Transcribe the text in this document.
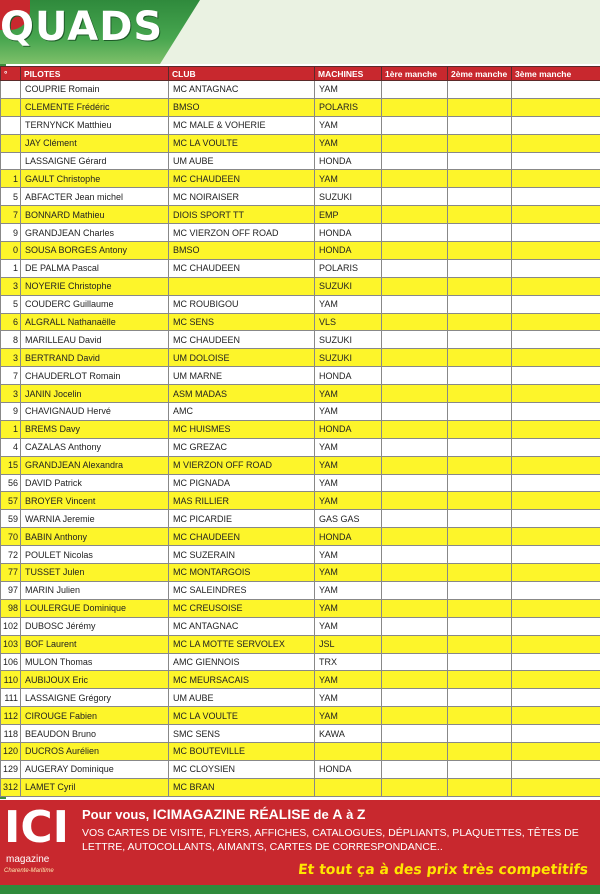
QUADS
°	PILOTES	CLUB	MACHINES	1ère manche	2ème manche	3ème manche
	COUPRIE Romain	MC ANTAGNAC	YAM			
	CLEMENTE Frédéric	BMSO	POLARIS			
	TERNYNCK Matthieu	MC MALE & VOHERIE	YAM			
	JAY Clément	MC LA VOULTE	YAM			
	LASSAIGNE Gérard	UM AUBE	HONDA			
1	GAULT Christophe	MC CHAUDEEN	YAM			
5	ABFACTER Jean michel	MC NOIRAISER	SUZUKI			
7	BONNARD Mathieu	DIOIS SPORT TT	EMP			
9	GRANDJEAN Charles	MC VIERZON OFF ROAD	HONDA			
0	SOUSA BORGES Antony	BMSO	HONDA			
1	DE PALMA Pascal	MC CHAUDEEN	POLARIS			
3	NOYERIE Christophe		SUZUKI			
5	COUDERC Guillaume	MC ROUBIGOU	YAM			
6	ALGRALL Nathanaëlle	MC SENS	VLS			
8	MARILLEAU David	MC CHAUDEEN	SUZUKI			
3	BERTRAND David	UM DOLOISE	SUZUKI			
7	CHAUDERLOT Romain	UM MARNE	HONDA			
3	JANIN Jocelin	ASM MADAS	YAM			
9	CHAVIGNAUD Hervé	AMC	YAM			
1	BREMS Davy	MC HUISMES	HONDA			
4	CAZALAS Anthony	MC GREZAC	YAM			
15	GRANDJEAN Alexandra	M VIERZON OFF ROAD	YAM			
56	DAVID Patrick	MC PIGNADA	YAM			
57	BROYER Vincent	MAS RILLIER	YAM			
59	WARNIA Jeremie	MC PICARDIE	GAS GAS			
70	BABIN Anthony	MC CHAUDEEN	HONDA			
72	POULET Nicolas	MC SUZERAIN	YAM			
77	TUSSET Julen	MC MONTARGOIS	YAM			
97	MARIN Julien	MC SALEINDRES	YAM			
98	LOULERGUE Dominique	MC CREUSOISE	YAM			
102	DUBOSC Jérémy	MC ANTAGNAC	YAM			
103	BOF Laurent	MC LA MOTTE SERVOLEX	JSL			
106	MULON Thomas	AMC GIENNOIS	TRX			
110	AUBIJOUX Eric	MC MEURSACAIS	YAM			
111	LASSAIGNE Grégory	UM AUBE	YAM			
112	CIROUGE Fabien	MC LA VOULTE	YAM			
118	BEAUDON Bruno	SMC SENS	KAWA			
120	DUCROS Aurélien	MC BOUTEVILLE				
129	AUGERAY Dominique	MC CLOYSIEN	HONDA			
312	LAMET Cyril	MC BRAN				
ICI
magazine
Charente-Maritime
Pour vous, ICIMAGAZINE RÉALISE de A à Z
VOS CARTES DE VISITE, FLYERS, AFFICHES, CATALOGUES, DÉPLIANTS, PLAQUETTES, TÊTES DE LETTRE, AUTOCOLLANTS, AIMANTS, CARTES DE CORRESPONDANCE..
Et tout ça à des prix très competitifs
